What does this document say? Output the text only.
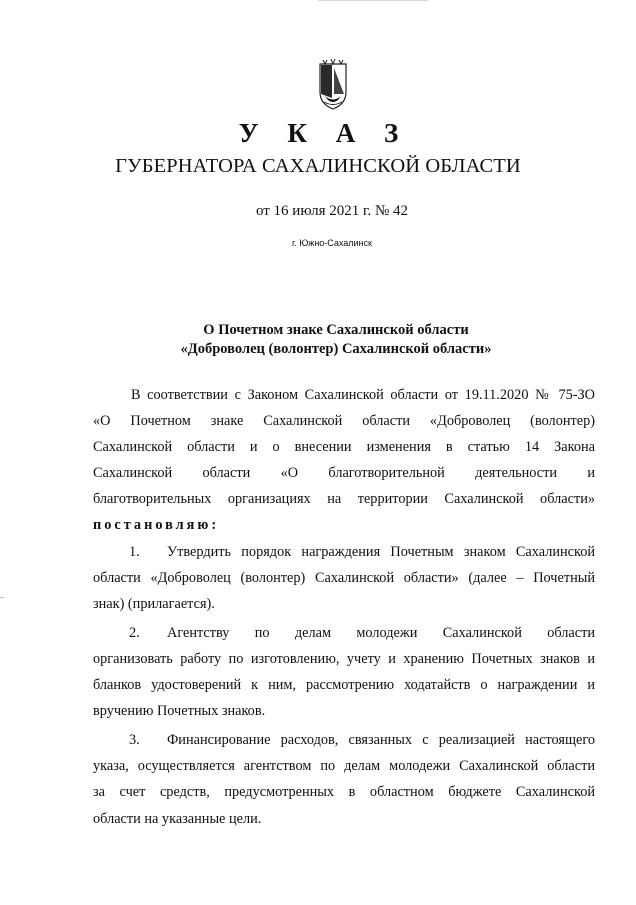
У К А З
ГУБЕРНАТОРА САХАЛИНСКОЙ ОБЛАСТИ
от 16 июля 2021 г. № 42
г. Южно-Сахалинск
О Почетном знаке Сахалинской области
«Доброволец (волонтер) Сахалинской области»
В соответствии с Законом Сахалинской области от 19.11.2020 № 75-ЗО
«О Почетном знаке Сахалинской области «Доброволец (волонтер)
Сахалинской области и о внесении изменения в статью 14 Закона
Сахалинской области «О благотворительной деятельности и
благотворительных организациях на территории Сахалинской области»
постановляю:
1. Утвердить порядок награждения Почетным знаком Сахалинской
области «Доброволец (волонтер) Сахалинской области» (далее – Почетный
знак) (прилагается).
2. Агентству по делам молодежи Сахалинской области
организовать работу по изготовлению, учету и хранению Почетных знаков и
бланков удостоверений к ним, рассмотрению ходатайств о награждении и
вручению Почетных знаков.
3. Финансирование расходов, связанных с реализацией настоящего
указа, осуществляется агентством по делам молодежи Сахалинской области
за счет средств, предусмотренных в областном бюджете Сахалинской
области на указанные цели.
